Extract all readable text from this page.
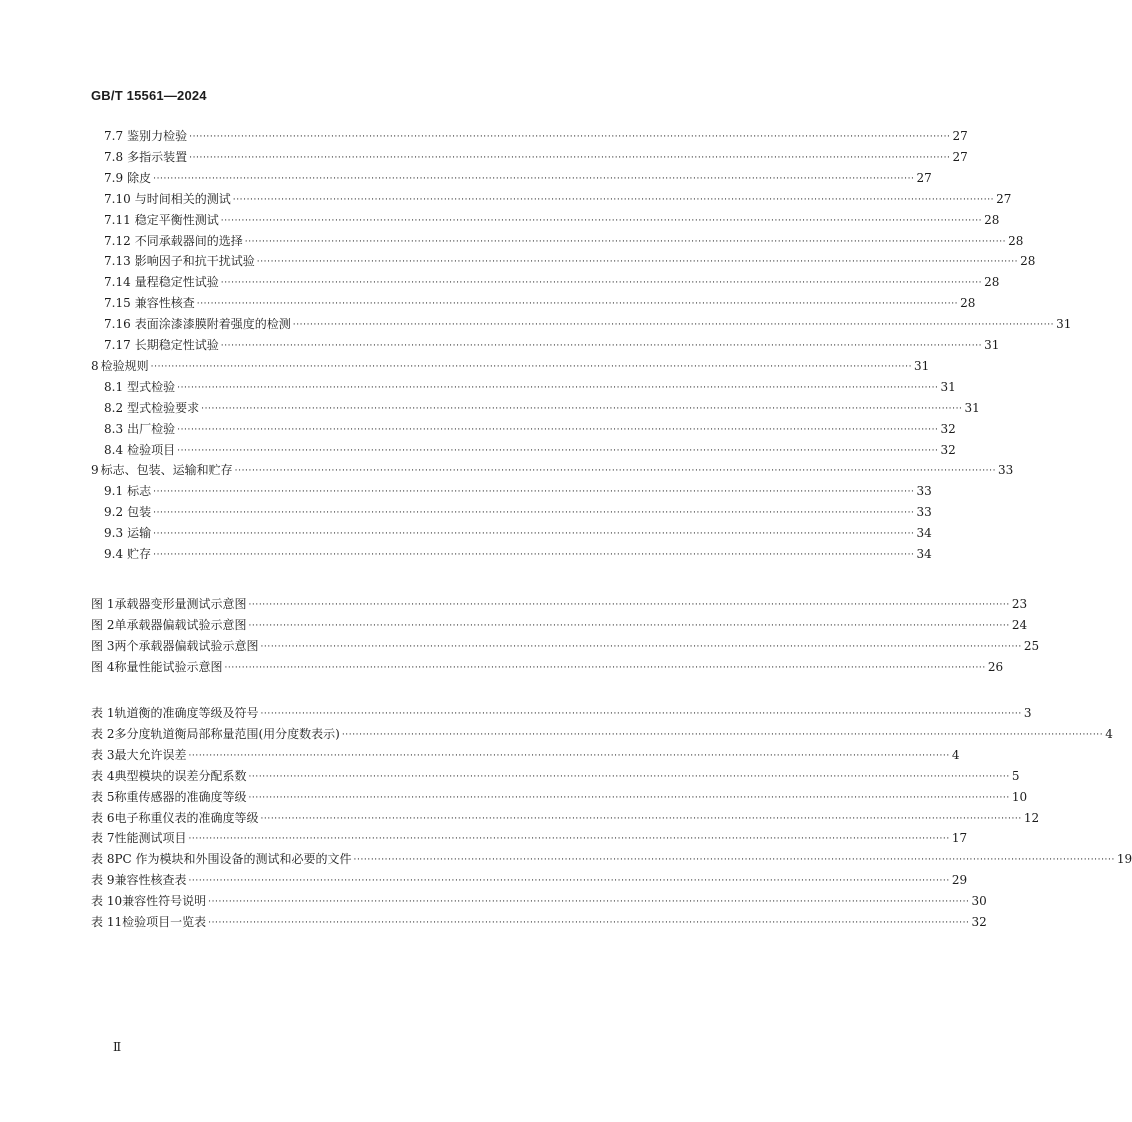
GB/T 15561—2024
7.7 鉴别力检验 ···························································································································································································································· 27
7.8 多指示装置 ···························································································································································································································· 27
7.9 除皮 ···························································································································································································································· 27
7.10 与时间相关的测试 ···························································································································································································································· 27
7.11 稳定平衡性测试 ···························································································································································································································· 28
7.12 不同承载器间的选择 ···························································································································································································································· 28
7.13 影响因子和抗干扰试验 ···························································································································································································································· 28
7.14 量程稳定性试验 ···························································································································································································································· 28
7.15 兼容性核查 ···························································································································································································································· 28
7.16 表面涂漆漆膜附着强度的检测 ···························································································································································································································· 31
7.17 长期稳定性试验 ···························································································································································································································· 31
8 检验规则 ···························································································································································································································· 31
8.1 型式检验 ···························································································································································································································· 31
8.2 型式检验要求 ···························································································································································································································· 31
8.3 出厂检验 ···························································································································································································································· 32
8.4 检验项目 ···························································································································································································································· 32
9 标志、包装、运输和贮存 ···························································································································································································································· 33
9.1 标志 ···························································································································································································································· 33
9.2 包装 ···························································································································································································································· 33
9.3 运输 ···························································································································································································································· 34
9.4 贮存 ···························································································································································································································· 34
图 1 承载器变形量测试示意图 ···························································································································································································································· 23
图 2 单承载器偏载试验示意图 ···························································································································································································································· 24
图 3 两个承载器偏载试验示意图 ···························································································································································································································· 25
图 4 称量性能试验示意图 ···························································································································································································································· 26
表 1 轨道衡的准确度等级及符号 ···························································································································································································································· 3
表 2 多分度轨道衡局部称量范围(用分度数表示) ···························································································································································································································· 4
表 3 最大允许误差 ···························································································································································································································· 4
表 4 典型模块的误差分配系数 ···························································································································································································································· 5
表 5 称重传感器的准确度等级 ···························································································································································································································· 10
表 6 电子称重仪表的准确度等级 ···························································································································································································································· 12
表 7 性能测试项目 ···························································································································································································································· 17
表 8 PC 作为模块和外围设备的测试和必要的文件 ···························································································································································································································· 19
表 9 兼容性核查表 ···························································································································································································································· 29
表 10 兼容性符号说明 ···························································································································································································································· 30
表 11 检验项目一览表 ···························································································································································································································· 32
Ⅱ
